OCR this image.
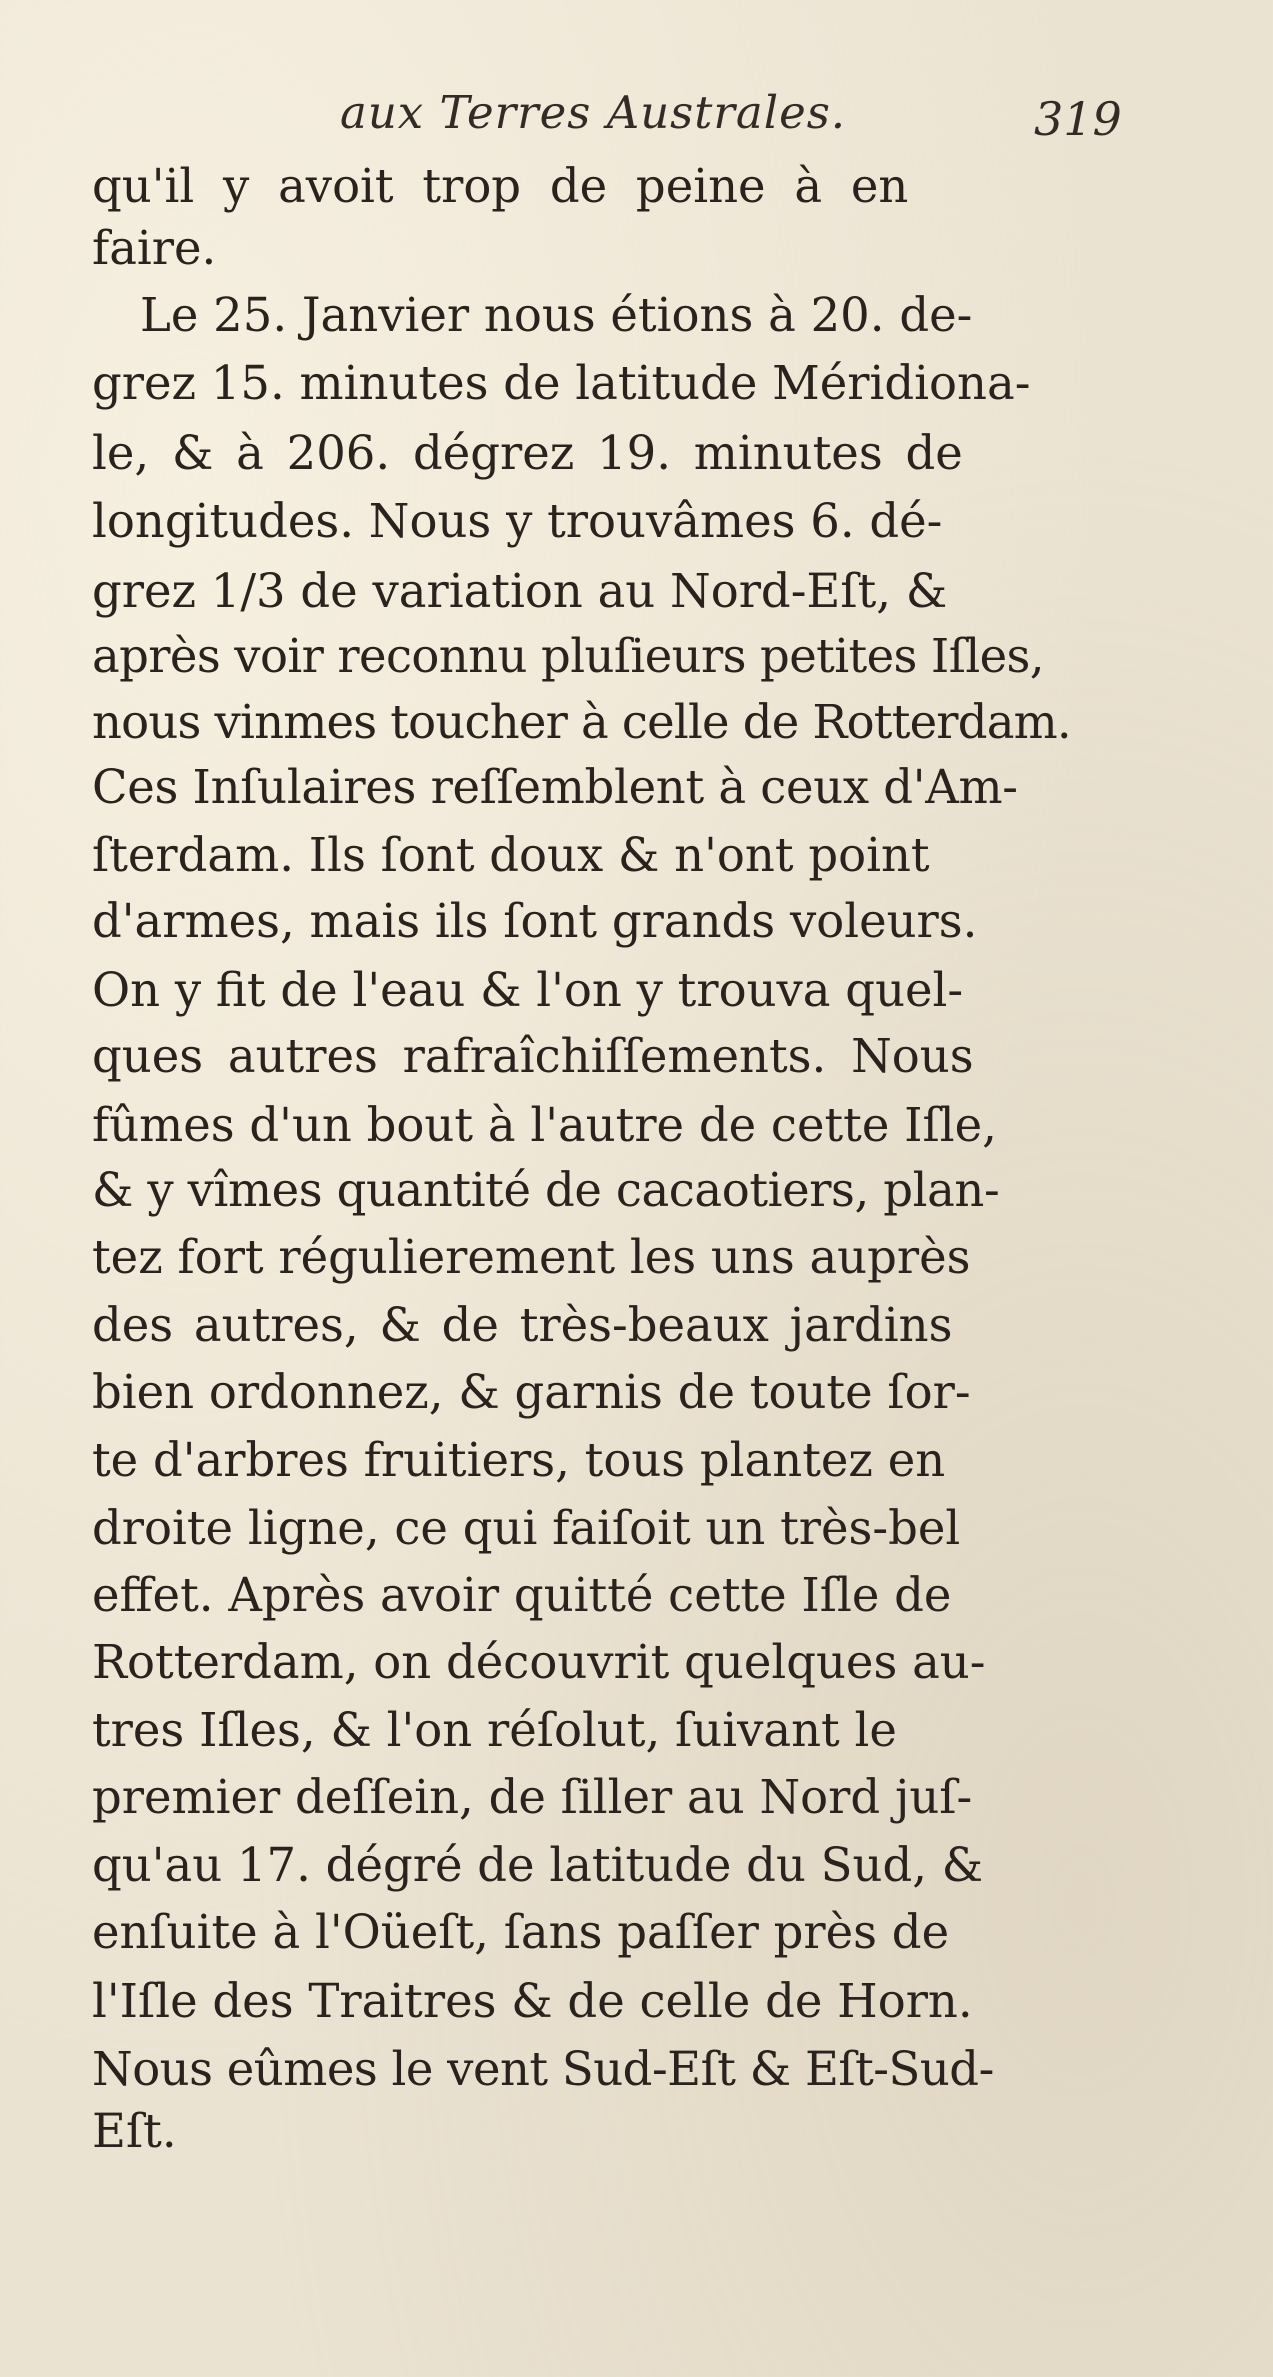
aux Terres Australes.	319
qu'il y avoit trop de peine à en
faire.
Le 25. Janvier nous étions à 20. de-
grez 15. minutes de latitude Méridiona-
le, & à 206. dégrez 19. minutes de
longitudes. Nous y trouvâmes 6. dé-
grez 1/3 de variation au Nord-Eſt, &
après voir reconnu pluſieurs petites Iſles,
nous vinmes toucher à celle de Rotterdam.
Ces Inſulaires reſſemblent à ceux d'Am-
ſterdam. Ils ſont doux & n'ont point
d'armes, mais ils ſont grands voleurs.
On y fit de l'eau & l'on y trouva quel-
ques autres rafraîchiſſements. Nous
fûmes d'un bout à l'autre de cette Iſle,
& y vîmes quantité de cacaotiers, plan-
tez fort régulierement les uns auprès
des autres, & de très-beaux jardins
bien ordonnez, & garnis de toute ſor-
te d'arbres fruitiers, tous plantez en
droite ligne, ce qui faiſoit un très-bel
effet. Après avoir quitté cette Iſle de
Rotterdam, on découvrit quelques au-
tres Iſles, & l'on réſolut, ſuivant le
premier deſſein, de ſiller au Nord juſ-
qu'au 17. dégré de latitude du Sud, &
enſuite à l'Oüeſt, ſans paſſer près de
l'Iſle des Traitres & de celle de Horn.
Nous eûmes le vent Sud-Eſt & Eſt-Sud-
Eſt.
